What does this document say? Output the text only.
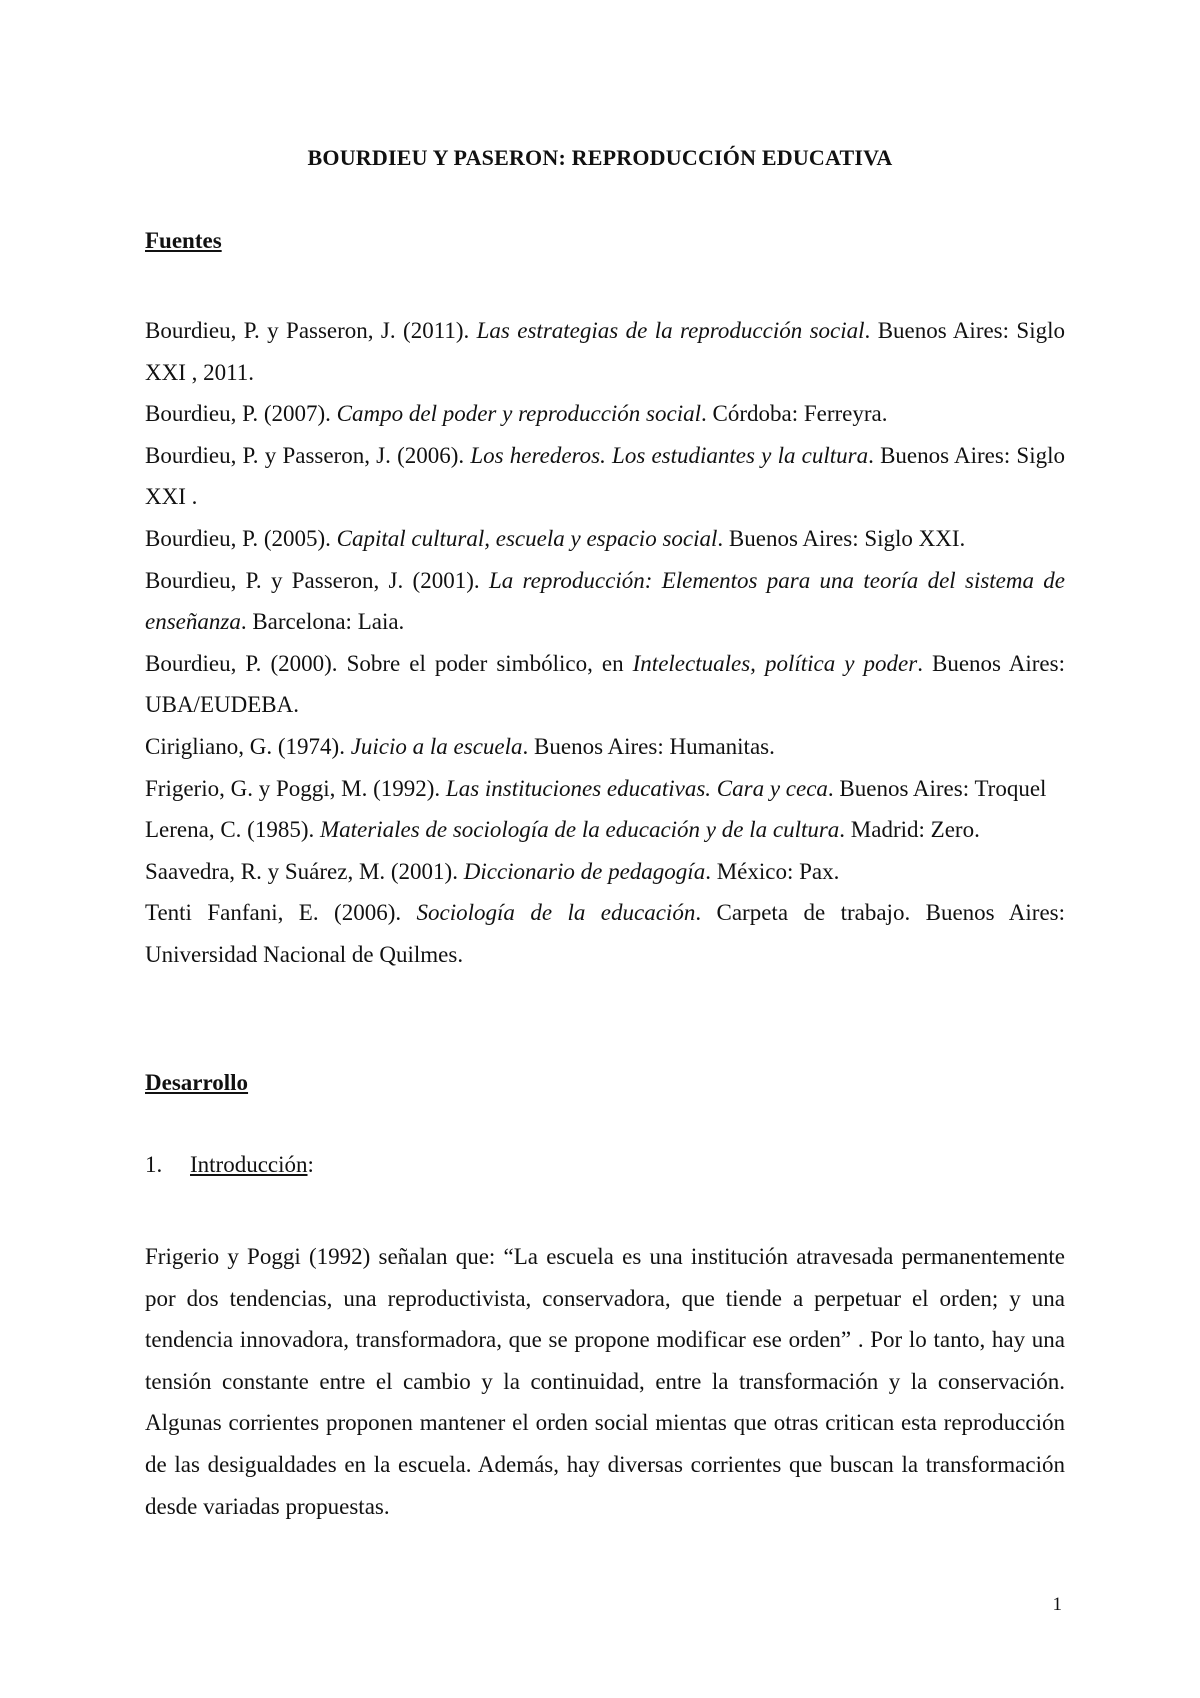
BOURDIEU Y PASERON: REPRODUCCIÓN EDUCATIVA
Fuentes
Bourdieu, P. y Passeron, J. (2011). Las estrategias de la reproducción social. Buenos Aires: Siglo XXI , 2011.
Bourdieu, P. (2007). Campo del poder y reproducción social. Córdoba: Ferreyra.
Bourdieu, P. y Passeron, J. (2006). Los herederos. Los estudiantes y la cultura. Buenos Aires: Siglo XXI .
Bourdieu, P. (2005). Capital cultural, escuela y espacio social. Buenos Aires: Siglo XXI.
Bourdieu, P. y Passeron, J. (2001). La reproducción: Elementos para una teoría del sistema de enseñanza. Barcelona: Laia.
Bourdieu, P. (2000). Sobre el poder simbólico, en Intelectuales, política y poder. Buenos Aires: UBA/EUDEBA.
Cirigliano, G. (1974). Juicio a la escuela. Buenos Aires: Humanitas.
Frigerio, G. y Poggi, M. (1992). Las instituciones educativas. Cara y ceca. Buenos Aires: Troquel
Lerena, C. (1985). Materiales de sociología de la educación y de la cultura. Madrid: Zero.
Saavedra, R. y Suárez, M. (2001). Diccionario de pedagogía. México: Pax.
Tenti Fanfani, E. (2006). Sociología de la educación. Carpeta de trabajo. Buenos Aires: Universidad Nacional de Quilmes.
Desarrollo

1. Introducción:

Frigerio y Poggi (1992) señalan que: “La escuela es una institución atravesada permanentemente por dos tendencias, una reproductivista, conservadora, que tiende a perpetuar el orden; y una tendencia innovadora, transformadora, que se propone modificar ese orden” . Por lo tanto, hay una tensión constante entre el cambio y la continuidad, entre la transformación y la conservación. Algunas corrientes proponen mantener el orden social mientas que otras critican esta reproducción de las desigualdades en la escuela. Además, hay diversas corrientes que buscan la transformación desde variadas propuestas.

1
